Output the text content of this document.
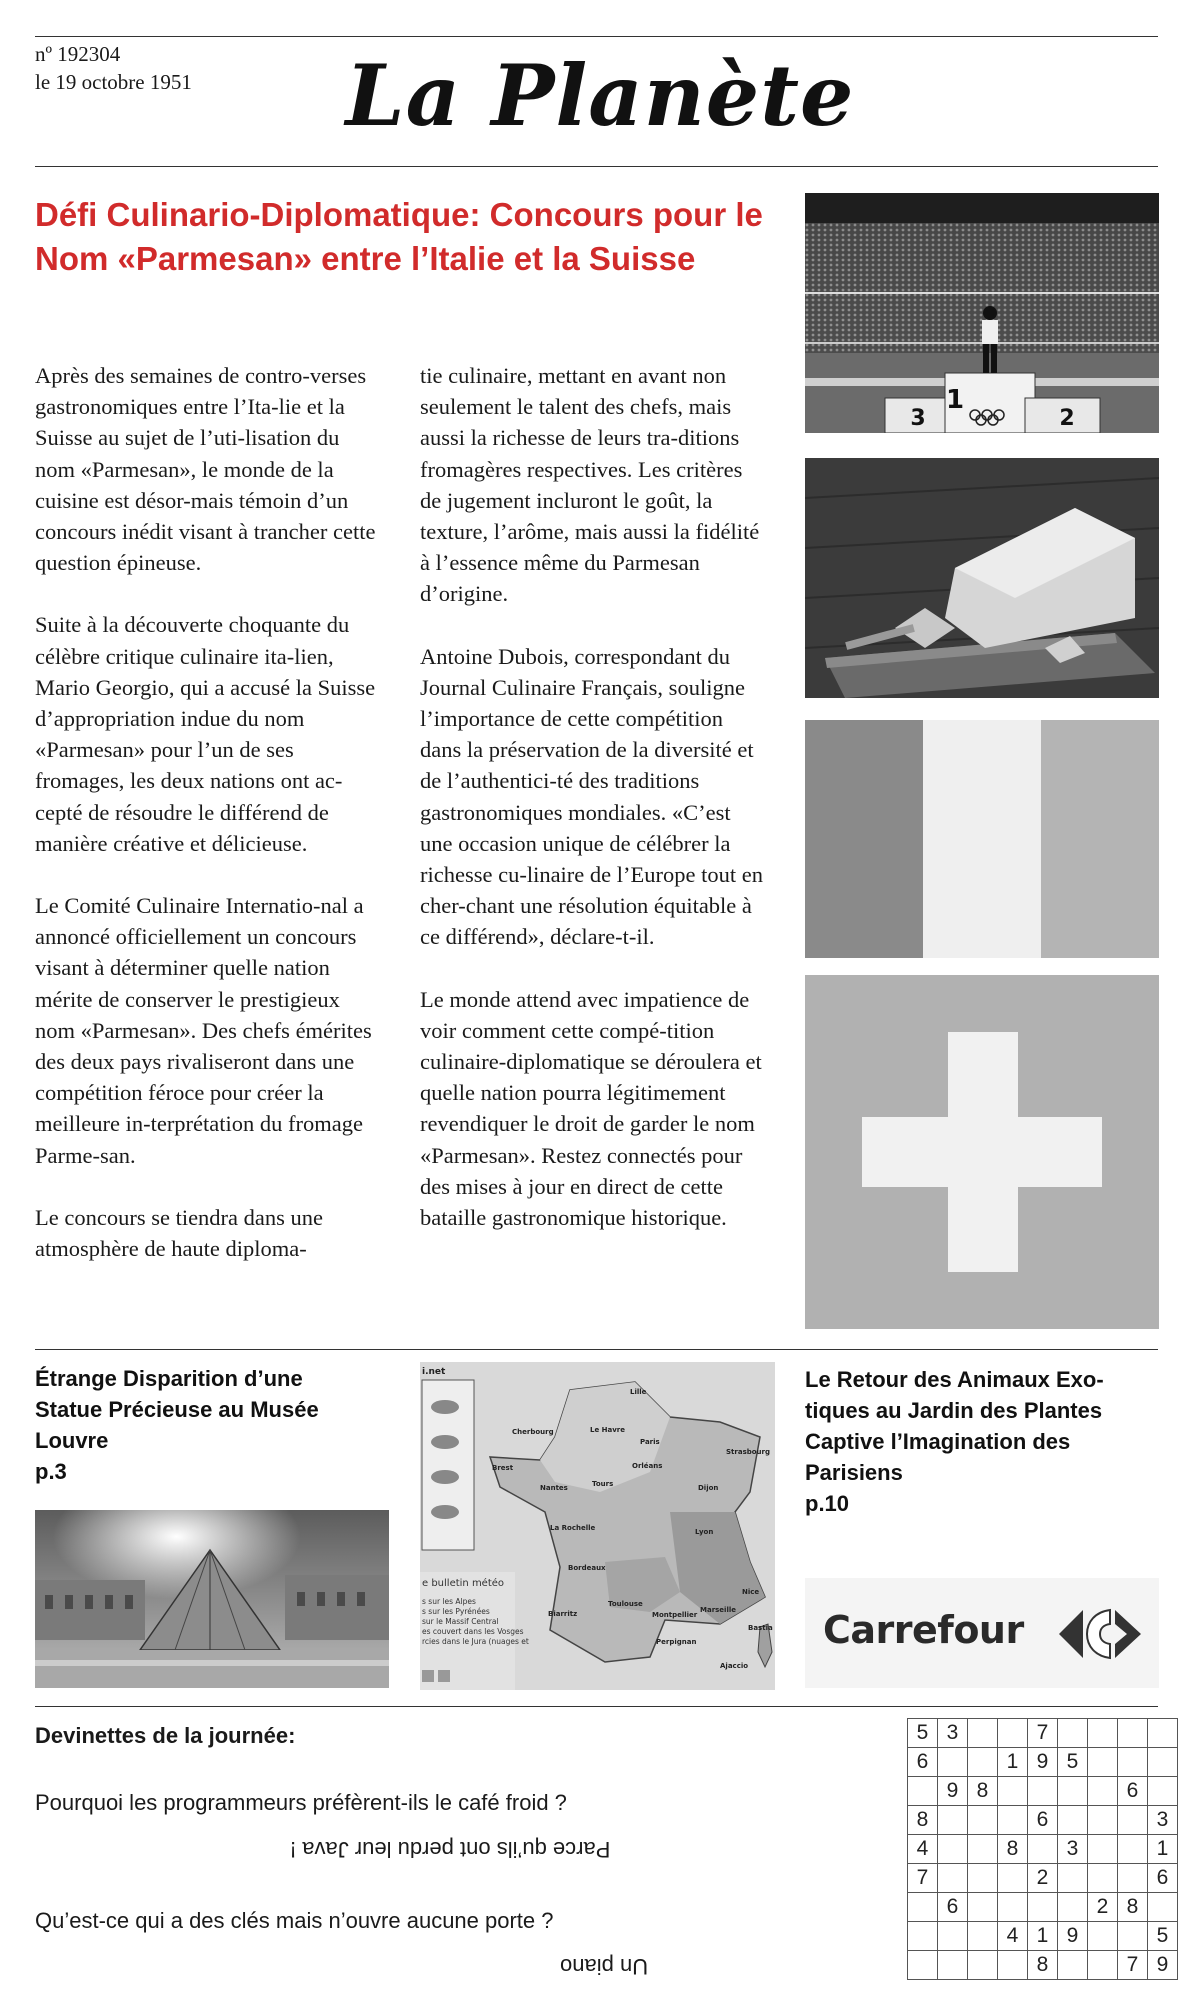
nº 192304
le 19 octobre 1951	La Planète
Défi Culinario-Diplomatique: Concours pour le Nom «Parmesan» entre l’Italie et la Suisse

Après des semaines de contro-verses gastronomiques entre l’Ita-lie et la Suisse au sujet de l’uti-lisation du nom «Parmesan», le monde de la cuisine est désor-mais témoin d’un concours inédit visant à trancher cette question épineuse.

Suite à la découverte choquante du célèbre critique culinaire ita-lien, Mario Georgio, qui a accusé la Suisse d’appropriation indue du nom «Parmesan» pour l’un de ses fromages, les deux nations ont ac-cepté de résoudre le différend de manière créative et délicieuse.

Le Comité Culinaire Internatio-nal a annoncé officiellement un concours visant à déterminer quelle nation mérite de conserver le prestigieux nom «Parmesan». Des chefs émérites des deux pays rivaliseront dans une compétition féroce pour créer la meilleure in-terprétation du fromage Parme-san.

Le concours se tiendra dans une atmosphère de haute diploma-

tie culinaire, mettant en avant non seulement le talent des chefs, mais aussi la richesse de leurs tra-ditions fromagères respectives. Les critères de jugement incluront le goût, la texture, l’arôme, mais aussi la fidélité à l’essence même du Parmesan d’origine.

Antoine Dubois, correspondant du Journal Culinaire Français, souligne l’importance de cette compétition dans la préservation de la diversité et de l’authentici-té des traditions gastronomiques mondiales. «C’est une occasion unique de célébrer la richesse cu-linaire de l’Europe tout en cher-chant une résolution équitable à ce différend», déclare-t-il.

Le monde attend avec impatience de voir comment cette compé-tition culinaire-diplomatique se déroulera et quelle nation pourra légitimement revendiquer le droit de garder le nom «Parmesan». Restez connectés pour des mises à jour en direct de cette bataille gastronomique historique.

3
1
2
Étrange Disparition d’une Statue Précieuse au Musée Louvre
p.3
i.net
Lille
Cherbourg	Le Havre
Brest
Paris
Strasbourg
Orléans
Nantes	Tours	Dijon
La Rochelle	Lyon
Bordeaux
Nice
Biarritz
Toulouse
Montpellier
Marseille
Perpignan
Bastia
Ajaccio
e bulletin météo
s sur les Alpes
s sur les Pyrénées
sur le Massif Central
es couvert dans les Vosges
rcies dans le Jura (nuages et
Le Retour des Animaux Exo-tiques au Jardin des Plantes Captive l’Imagination des Parisiens
p.10
Carrefour
Devinettes de la journée:
Pourquoi les programmeurs préfèrent-ils le café froid ?
Parce qu’ils ont perdu leur Java !
Qu’est-ce qui a des clés mais n’ouvre aucune porte ?
Un piano
5	3			7				
6			1	9	5			
	9	8					6	
8				6				3
4			8		3			1
7				2				6
	6					2	8	
			4	1	9			5
				8			7	9
